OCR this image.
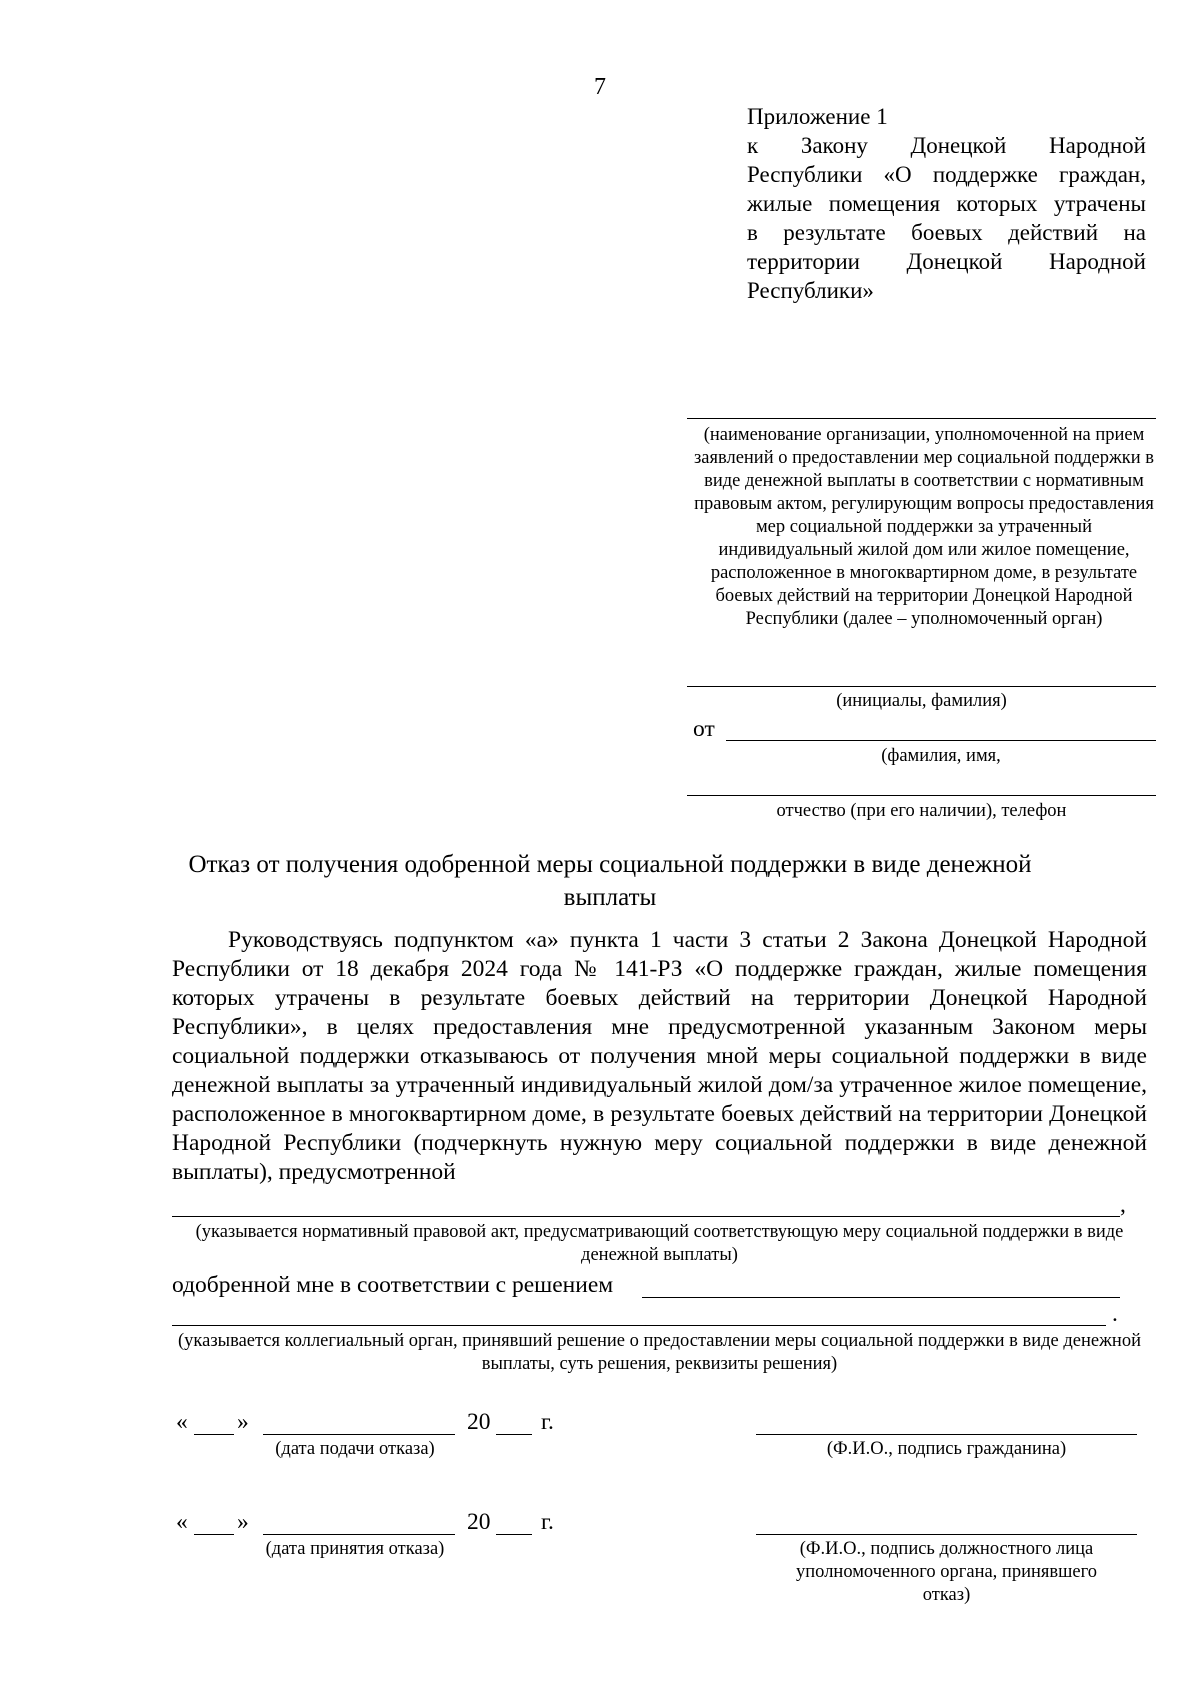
7
Приложение 1
к Закону Донецкой Народной
Республики «О поддержке граждан,
жилые помещения которых утрачены
в результате боевых действий на
территории Донецкой Народной
Республики»
(наименование организации, уполномоченной на прием заявлений о предоставлении мер социальной поддержки в виде денежной выплаты в соответствии с нормативным правовым актом, регулирующим вопросы предоставления мер социальной поддержки за утраченный индивидуальный жилой дом или жилое помещение, расположенное в многоквартирном доме, в результате боевых действий на территории Донецкой Народной Республики (далее – уполномоченный орган)
(инициалы, фамилия)
от
(фамилия, имя,
отчество (при его наличии), телефон
Отказ от получения одобренной меры социальной поддержки в виде денежной выплаты

Руководствуясь подпунктом «а» пункта 1 части 3 статьи 2 Закона Донецкой Народной Республики от 18 декабря 2024 года № 141-РЗ «О поддержке граждан, жилые помещения которых утрачены в результате боевых действий на территории Донецкой Народной Республики», в целях предоставления мне предусмотренной указанным Законом меры социальной поддержки отказываюсь от получения мной меры социальной поддержки в виде денежной выплаты за утраченный индивидуальный жилой дом/за утраченное жилое помещение, расположенное в многоквартирном доме, в результате боевых действий на территории Донецкой Народной Республики (подчеркнуть нужную меру социальной поддержки в виде денежной выплаты), предусмотренной

,
(указывается нормативный правовой акт, предусматривающий соответствующую меру социальной поддержки в виде денежной выплаты)
одобренной мне в соответствии с решением
.
(указывается коллегиальный орган, принявший решение о предоставлении меры социальной поддержки в виде денежной выплаты, суть решения, реквизиты решения)
« »	20 г.
(дата подачи отказа)	(Ф.И.О., подпись гражданина)
« »	20 г.
(дата принятия отказа)	(Ф.И.О., подпись должностного лица уполномоченного органа, принявшего отказ)
